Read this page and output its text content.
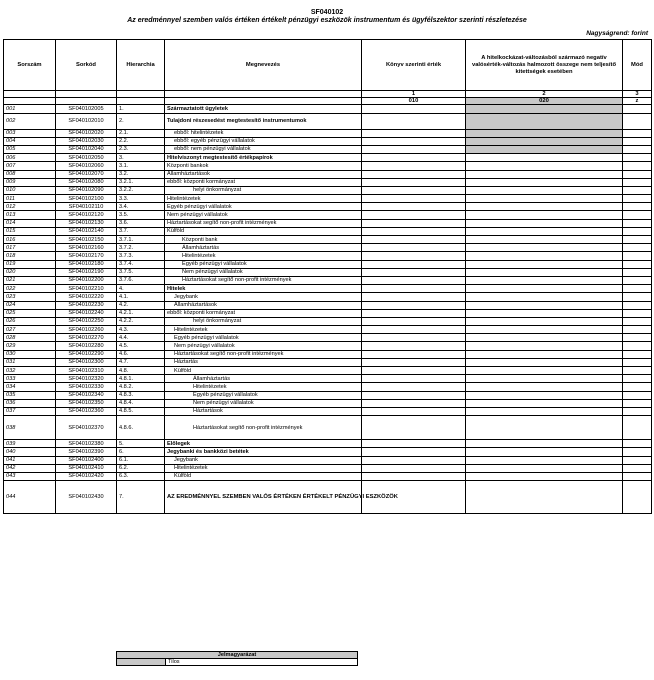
SF040102
Az eredménnyel szemben valós értéken értékelt pénzügyi eszközök instrumentum és ügyfélszektor szerinti részletezése
Nagyságrend: forint
Sorszám	Sorkód	Hierarchia	Megnevezés	Könyv szerinti érték	A hitelkockázat-változásból származó negatív valósérték-változás halmozott összege nem teljesítő kitettségek esetében	Mód
				1	2	3
				010	020	z
001	SF040102005	1.	Származtatott ügyletek			
002	SF040102010	2.	Tulajdoni részesedést megtestesítő instrumentumok			
003	SF040102020	2.1.	ebből: hitelintézetek			
004	SF040102030	2.2.	ebből: egyéb pénzügyi vállalatok			
005	SF040102040	2.3.	ebből: nem pénzügyi vállalatok			
006	SF040102050	3.	Hitelviszonyt megtestesítő értékpapírok			
007	SF040102060	3.1.	Központi bankok			
008	SF040102070	3.2.	Államháztartások			
009	SF040102080	3.2.1.	ebből: központi kormányzat			
010	SF040102090	3.2.2.	helyi önkormányzat			
011	SF040102100	3.3.	Hitelintézetek			
012	SF040102110	3.4.	Egyéb pénzügyi vállalatok			
013	SF040102120	3.5.	Nem pénzügyi vállalatok			
014	SF040102130	3.6.	Háztartásokat segítő non-profit intézmények			
015	SF040102140	3.7.	Külföld			
016	SF040102150	3.7.1.	Központi bank			
017	SF040102160	3.7.2.	Államháztartás			
018	SF040102170	3.7.3.	Hitelintézetek			
019	SF040102180	3.7.4.	Egyéb pénzügyi vállalatok			
020	SF040102190	3.7.5.	Nem pénzügyi vállalatok			
021	SF040102200	3.7.6.	Háztartásokat segítő non-profit intézmények			
022	SF040102210	4.	Hitelek			
023	SF040102220	4.1.	Jegybank			
024	SF040102230	4.2.	Államháztartások			
025	SF040102240	4.2.1.	ebből: központi kormányzat			
026	SF040102250	4.2.2.	helyi önkormányzat			
027	SF040102260	4.3.	Hitelintézetek			
028	SF040102270	4.4.	Egyéb pénzügyi vállalatok			
029	SF040102280	4.5.	Nem pénzügyi vállalatok			
030	SF040102290	4.6.	Háztartásokat segítő non-profit intézmények			
031	SF040102300	4.7.	Háztartás			
032	SF040102310	4.8.	Külföld			
033	SF040102320	4.8.1.	Államháztartás			
034	SF040102330	4.8.2.	Hitelintézetek			
035	SF040102340	4.8.3.	Egyéb pénzügyi vállalatok			
036	SF040102350	4.8.4.	Nem pénzügyi vállalatok			
037	SF040102360	4.8.5.	Háztartások			
038	SF040102370	4.8.6.	Háztartásokat segítő non-profit intézmények			
039	SF040102380	5.	Előlegek			
040	SF040102390	6.	Jegybanki és bankközi betétek			
041	SF040102400	6.1.	Jegybank			
042	SF040102410	6.2.	Hitelintézetek			
043	SF040102420	6.3.	Külföld			
044	SF040102430	7.	AZ EREDMÉNNYEL SZEMBEN VALÓS ÉRTÉKEN ÉRTÉKELT PÉNZÜGYI ESZKÖZÖK			
Jelmagyarázat
	Tilos
